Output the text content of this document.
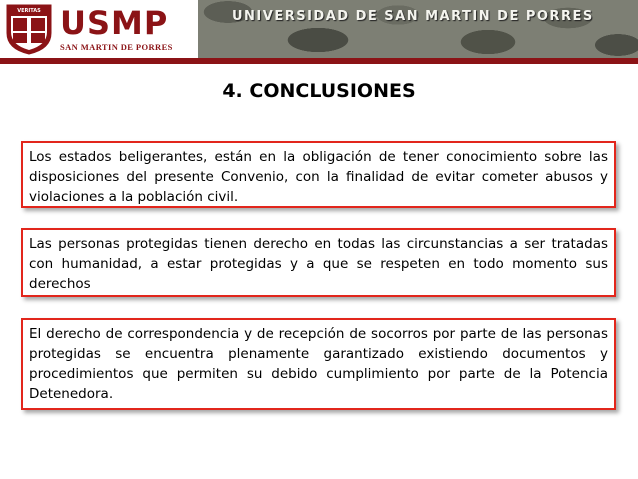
VERITAS USMP
SAN MARTIN DE PORRES
UNIVERSIDAD DE SAN MARTIN DE PORRES
4. CONCLUSIONES
Los estados beligerantes, están en la obligación de tener conocimiento sobre las disposiciones del presente Convenio, con la finalidad de evitar cometer abusos y violaciones a la población civil.
Las personas protegidas tienen derecho en todas las circunstancias a ser tratadas con humanidad, a estar protegidas y a que se respeten en todo momento sus derechos
El derecho de correspondencia y de recepción de socorros por parte de las personas protegidas se encuentra plenamente garantizado existiendo documentos y procedimientos que permiten su debido cumplimiento por parte de la Potencia Detenedora.
